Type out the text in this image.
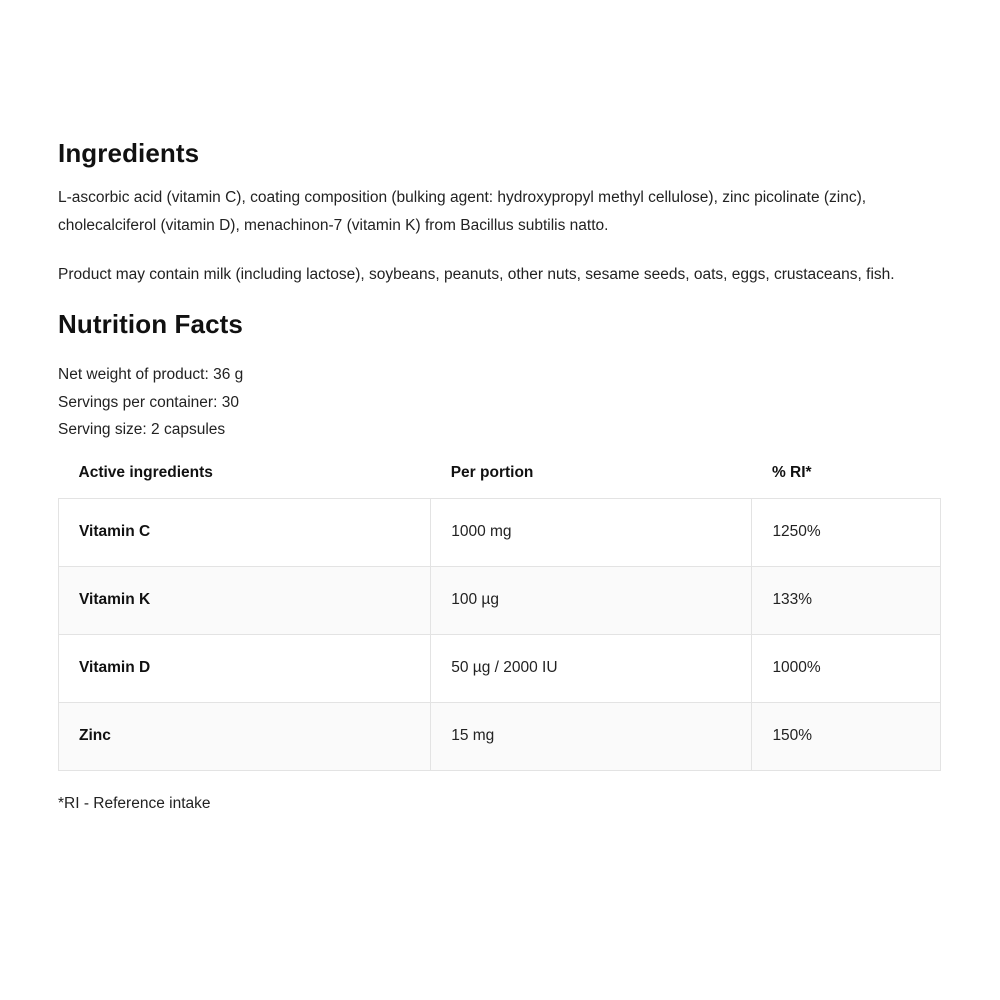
Ingredients

L-ascorbic acid (vitamin C), coating composition (bulking agent: hydroxypropyl methyl cellulose), zinc picolinate (zinc), cholecalciferol (vitamin D), menachinon-7 (vitamin K) from Bacillus subtilis natto.

Product may contain milk (including lactose), soybeans, peanuts, other nuts, sesame seeds, oats, eggs, crustaceans, fish.

Nutrition Facts
Net weight of product: 36 g
Servings per container: 30
Serving size: 2 capsules
Active ingredients	Per portion	% RI*
Vitamin C	1000 mg	1250%
Vitamin K	100 µg	133%
Vitamin D	50 µg / 2000 IU	1000%
Zinc	15 mg	150%
*RI - Reference intake
